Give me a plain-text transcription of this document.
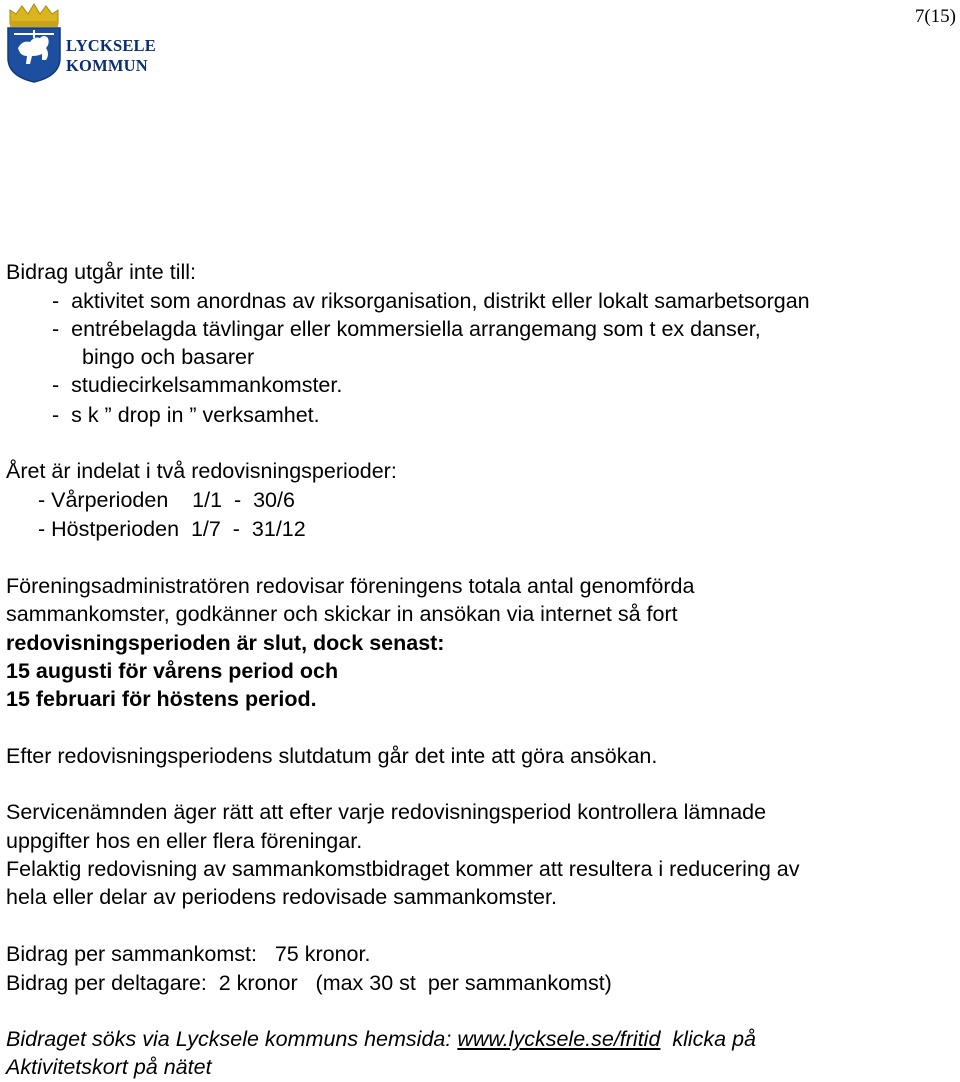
LYCKSELE
KOMMUN
7(15)
Bidrag utgår inte till:
-  aktivitet som anordnas av riksorganisation, distrikt eller lokalt samarbetsorgan
-  entrébelagda tävlingar eller kommersiella arrangemang som t ex danser,
bingo och basarer
-  studiecirkelsammankomster.
-  s k ” drop in ” verksamhet.
Året är indelat i två redovisningsperioder:
- Vårperioden    1/1  -  30/6
- Höstperioden  1/7  -  31/12
Föreningsadministratören redovisar föreningens totala antal genomförda
sammankomster, godkänner och skickar in ansökan via internet så fort
redovisningsperioden är slut, dock senast:
15 augusti för vårens period och
15 februari för höstens period.
Efter redovisningsperiodens slutdatum går det inte att göra ansökan.
Servicenämnden äger rätt att efter varje redovisningsperiod kontrollera lämnade
uppgifter hos en eller flera föreningar.
Felaktig redovisning av sammankomstbidraget kommer att resultera i reducering av
hela eller delar av periodens redovisade sammankomster.
Bidrag per sammankomst:   75 kronor.
Bidrag per deltagare:  2 kronor   (max 30 st  per sammankomst)
Bidraget söks via Lycksele kommuns hemsida: www.lycksele.se/fritid  klicka på
Aktivitetskort på nätet
